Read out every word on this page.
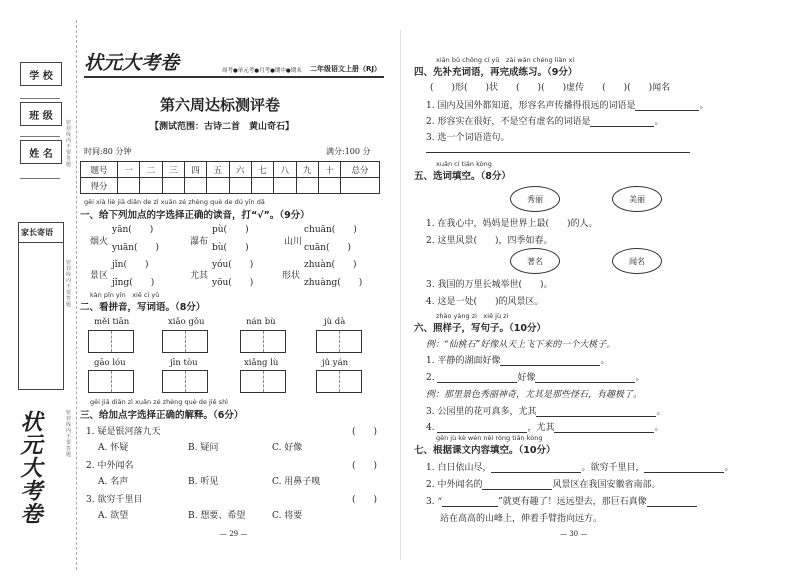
学 校
班 级
姓 名
家长寄语
密封线内不要答题
密封线内不要答题
密封线内不要答题
状元大考卷
状元大考卷	周考●单元考●月考●期中●期末 二年级语文上册（RJ）
第六周达标测评卷
【测试范围：古诗二首　黄山奇石】
时间:80 分钟	满分:100 分
题号	一	二	三	四	五	六	七	八	九	十	总分
得分											
gěi xià liè jiā diǎn de zì xuǎn zé zhèng què de dú yīn dǎ
一、给下列加点的字选择正确的读音，打“√”。（9分）
烟火
yān(　　)
yuān(　　)
瀑布
pù(　　)
bù(　　)
山川
chuān(　　)
cuān(　　)
景区
jǐn(　　)
jǐng(　　)
尤其
yóu(　　)
yōu(　　)
形状
zhuàn(　　)
zhuàng(　　)
kàn pīn yīn　xiě cí yǔ
二、看拼音，写词语。（8分）
měi tiān	xiǎo gǒu	nán bù	jù dà
gāo lóu	jīn tòu	xiǎng lù	jǔ yán
gěi jiā diǎn zì xuǎn zé zhèng què de jiě shì
三、给加点字选择正确的解释。（6分）
1. 疑是银河落九天	(　　)
A. 怀疑	B. 疑问	C. 好像
2. 中外闻名	(　　)
A. 名声	B. 听见	C. 用鼻子嗅
3. 欲穷千里目	(　　)
A. 欲望	B. 想要、希望	C. 将要
— 29 —
xiān bǔ chōng cí yǔ　zài wán chéng liàn xí
四、先补充词语，再完成练习。（9分）
(　　)形(　　)状　　(　　)(　　)虚传　　(　　)(　　)闻名
1. 国内及国外都知道，形容名声传播得很远的词语是	。
2. 形容实在很好，不是空有虚名的词语是	。
3. 选一个词语造句。
xuǎn cí tián kòng
五、选词填空。（8分）
秀丽	美丽
1. 在我心中，妈妈是世界上最(　　)的人。
2. 这里风景(　　)，四季如春。
著名	闻名
3. 我国的万里长城举世(　　)。
4. 这是一处(　　)的风景区。
zhào yàng zi　xiě jù zi
六、照样子，写句子。（10分）
例：“仙桃石”好像从天上飞下来的一个大桃子。
1. 平静的湖面好像	。
2.	好像	。
例：那里景色秀丽神奇，尤其是那些怪石，有趣极了。
3. 公园里的花可真多，尤其	。
4.	，尤其	。
gēn jù kè wén nèi róng tián kòng
七、根据课文内容填空。（10分）
1. 白日依山尽，	。欲穷千里目，	。
2. 中外闻名的	风景区在我国安徽省南部。
3. “	”就更有趣了！远远望去，那巨石真像
站在高高的山峰上，伸着手臂指向远方。
— 30 —
